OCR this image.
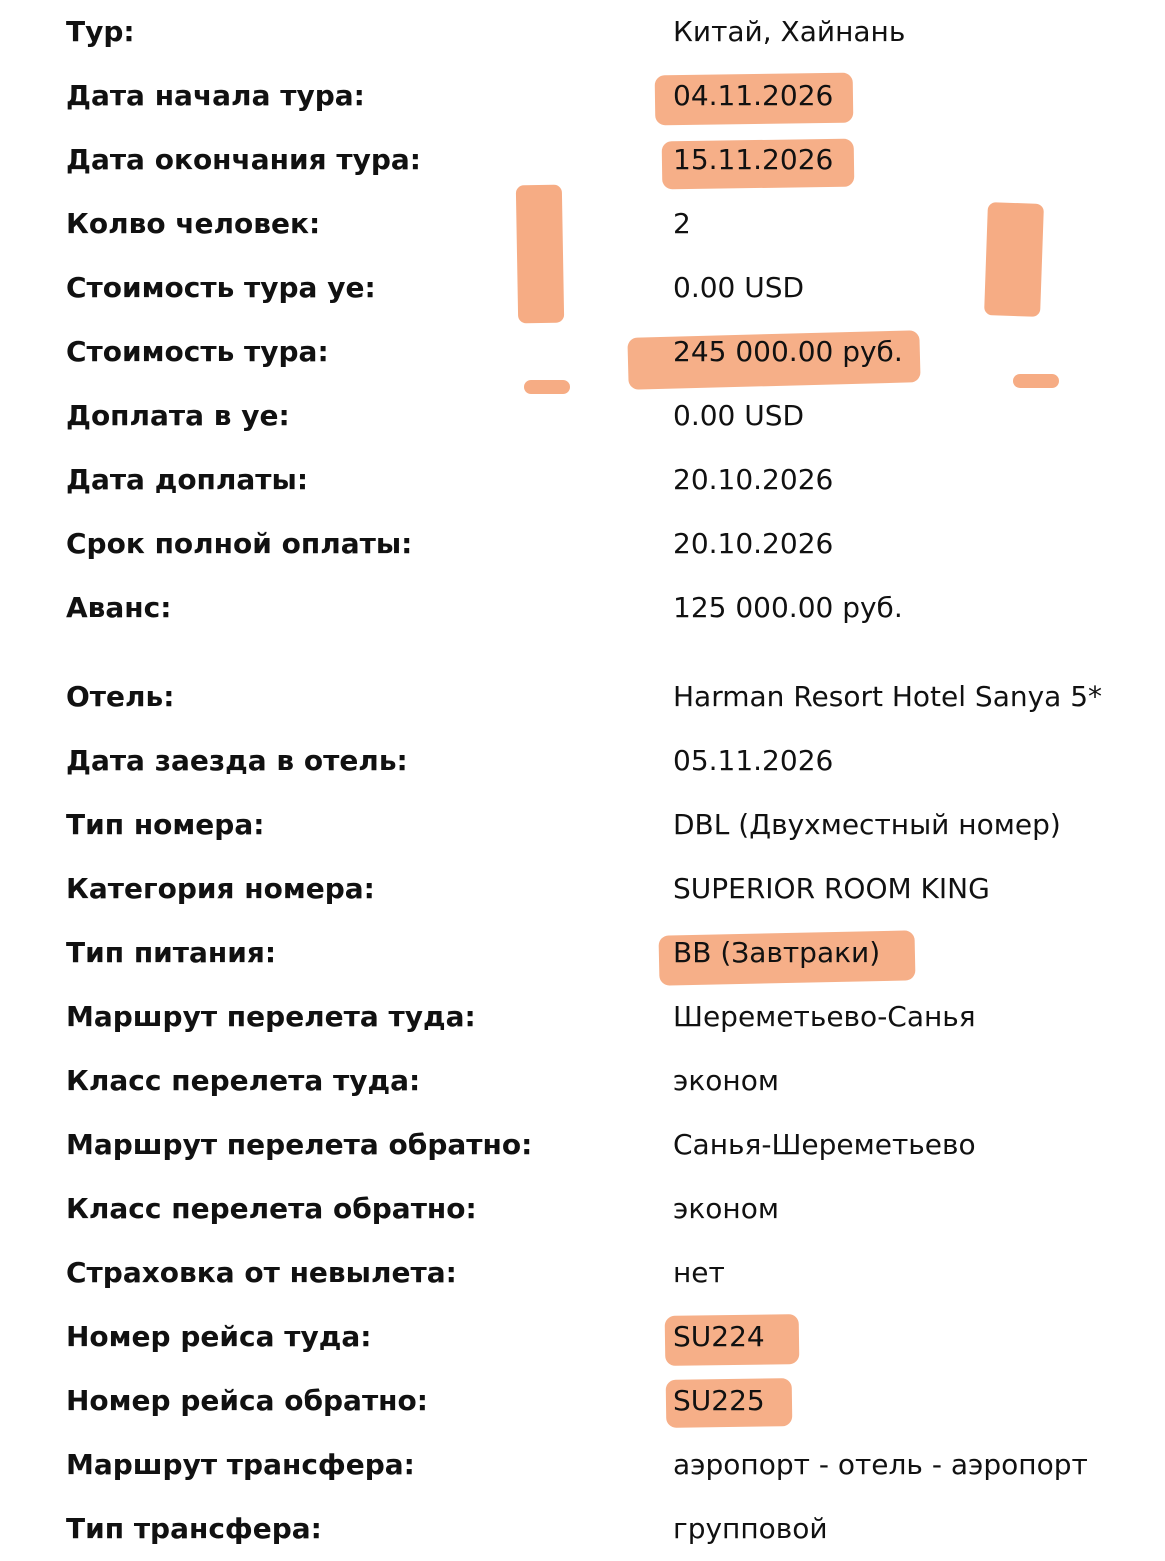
Тур:	Китай, Хайнань
Дата начала тура:	04.11.2026
Дата окончания тура:	15.11.2026
Колво человек:	2
Стоимость тура уе:	0.00 USD
Стоимость тура:	245 000.00 руб.
Доплата в уе:	0.00 USD
Дата доплаты:	20.10.2026
Срок полной оплаты:	20.10.2026
Аванс:	125 000.00 руб.
Отель:	Harman Resort Hotel Sanya 5*
Дата заезда в отель:	05.11.2026
Тип номера:	DBL (Двухместный номер)
Категория номера:	SUPERIOR ROOM KING
Тип питания:	BB (Завтраки)
Маршрут перелета туда:	Шереметьево-Санья
Класс перелета туда:	эконом
Маршрут перелета обратно:	Санья-Шереметьево
Класс перелета обратно:	эконом
Страховка от невылета:	нет
Номер рейса туда:	SU224
Номер рейса обратно:	SU225
Маршрут трансфера:	аэропорт - отель - аэропорт
Тип трансфера:	групповой
